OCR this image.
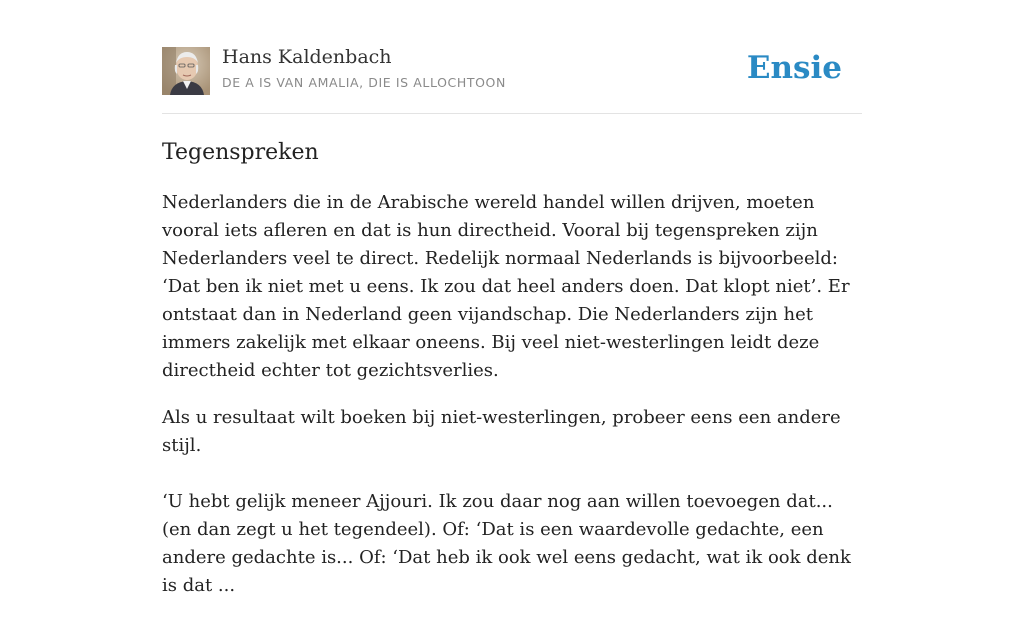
Hans Kaldenbach
DE A IS VAN AMALIA, DIE IS ALLOCHTOON	Ensie
Tegenspreken

Nederlanders die in de Arabische wereld handel willen drijven, moeten vooral iets afleren en dat is hun directheid. Vooral bij tegenspreken zijn Nederlanders veel te direct. Redelijk normaal Nederlands is bijvoorbeeld: ‘Dat ben ik niet met u eens. Ik zou dat heel anders doen. Dat klopt niet’. Er ontstaat dan in Nederland geen vijandschap. Die Nederlanders zijn het immers zakelijk met elkaar oneens. Bij veel niet-westerlingen leidt deze directheid echter tot gezichtsverlies.

Als u resultaat wilt boeken bij niet-westerlingen, probeer eens een andere stijl.

‘U hebt gelijk meneer Ajjouri. Ik zou daar nog aan willen toevoegen dat... (en dan zegt u het tegendeel). Of: ‘Dat is een waardevolle gedachte, een andere gedachte is... Of: ‘Dat heb ik ook wel eens gedacht, wat ik ook denk is dat ...
